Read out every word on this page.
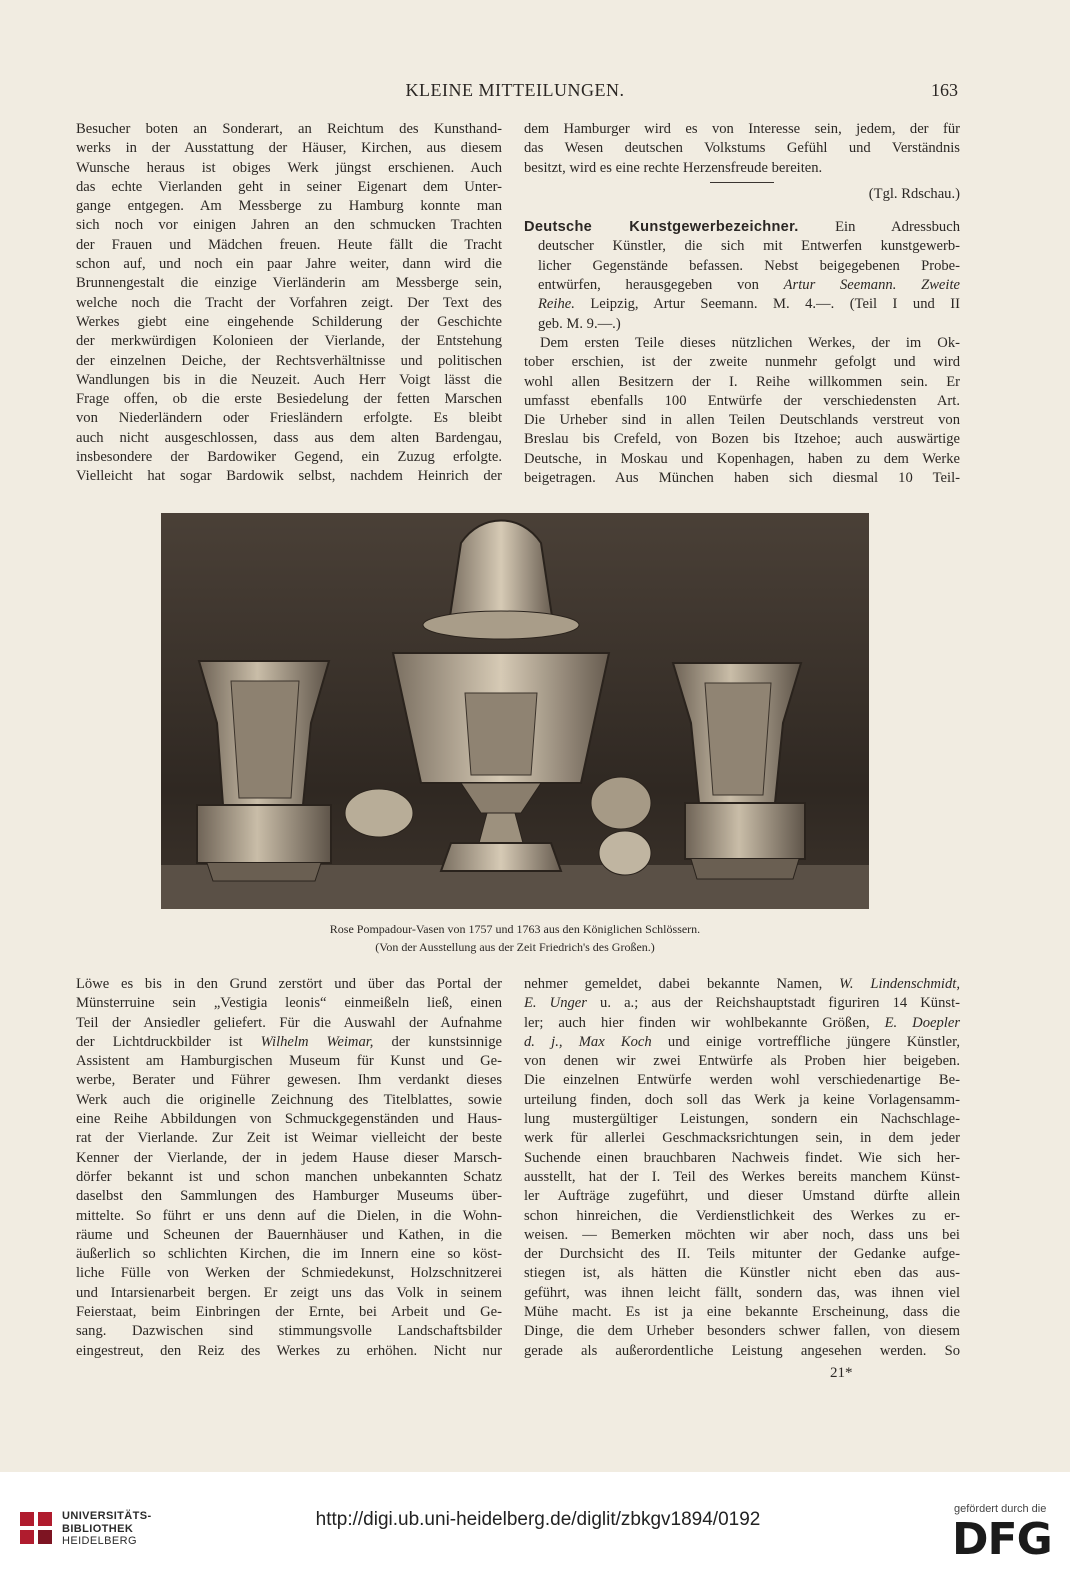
KLEINE MITTEILUNGEN.	163
Besucher boten an Sonderart, an Reichtum des Kunsthand-
werks in der Ausstattung der Häuser, Kirchen, aus diesem
Wunsche heraus ist obiges Werk jüngst erschienen. Auch
das echte Vierlanden geht in seiner Eigenart dem Unter-
gange entgegen. Am Messberge zu Hamburg konnte man
sich noch vor einigen Jahren an den schmucken Trachten
der Frauen und Mädchen freuen. Heute fällt die Tracht
schon auf, und noch ein paar Jahre weiter, dann wird die
Brunnengestalt die einzige Vierländerin am Messberge sein,
welche noch die Tracht der Vorfahren zeigt. Der Text des
Werkes giebt eine eingehende Schilderung der Geschichte
der merkwürdigen Kolonieen der Vierlande, der Entstehung
der einzelnen Deiche, der Rechtsverhältnisse und politischen
Wandlungen bis in die Neuzeit. Auch Herr Voigt lässt die
Frage offen, ob die erste Besiedelung der fetten Marschen
von Niederländern oder Friesländern erfolgte. Es bleibt
auch nicht ausgeschlossen, dass aus dem alten Bardengau,
insbesondere der Bardowiker Gegend, ein Zuzug erfolgte.
Vielleicht hat sogar Bardowik selbst, nachdem Heinrich der
dem Hamburger wird es von Interesse sein, jedem, der für
das Wesen deutschen Volkstums Gefühl und Verständnis
besitzt, wird es eine rechte Herzensfreude bereiten.
(Tgl. Rdschau.)
Deutsche Kunstgewerbezeichner.	Ein Adressbuch
deutscher Künstler, die sich mit Entwerfen kunstgewerb-
licher Gegenstände befassen. Nebst beigegebenen Probe-
entwürfen, herausgegeben von Artur Seemann. Zweite
Reihe. Leipzig, Artur Seemann. M. 4.—. (Teil I und II
geb. M. 9.—.)
Dem ersten Teile dieses nützlichen Werkes, der im Ok-
tober erschien, ist der zweite nunmehr gefolgt und wird
wohl allen Besitzern der I. Reihe willkommen sein. Er
umfasst ebenfalls 100 Entwürfe der verschiedensten Art.
Die Urheber sind in allen Teilen Deutschlands verstreut von
Breslau bis Crefeld, von Bozen bis Itzehoe; auch auswärtige
Deutsche, in Moskau und Kopenhagen, haben zu dem Werke
beigetragen. Aus München haben sich diesmal 10 Teil-
Rose Pompadour-Vasen von 1757 und 1763 aus den Königlichen Schlössern.
(Von der Ausstellung aus der Zeit Friedrich's des Großen.)
Löwe es bis in den Grund zerstört und über das Portal der
Münsterruine sein „Vestigia leonis“ einmeißeln ließ, einen
Teil der Ansiedler geliefert. Für die Auswahl der Aufnahme
der Lichtdruckbilder ist Wilhelm Weimar, der kunstsinnige
Assistent am Hamburgischen Museum für Kunst und Ge-
werbe, Berater und Führer gewesen. Ihm verdankt dieses
Werk auch die originelle Zeichnung des Titelblattes, sowie
eine Reihe Abbildungen von Schmuckgegenständen und Haus-
rat der Vierlande. Zur Zeit ist Weimar vielleicht der beste
Kenner der Vierlande, der in jedem Hause dieser Marsch-
dörfer bekannt ist und schon manchen unbekannten Schatz
daselbst den Sammlungen des Hamburger Museums über-
mittelte. So führt er uns denn auf die Dielen, in die Wohn-
räume und Scheunen der Bauernhäuser und Kathen, in die
äußerlich so schlichten Kirchen, die im Innern eine so köst-
liche Fülle von Werken der Schmiedekunst, Holzschnitzerei
und Intarsienarbeit bergen. Er zeigt uns das Volk in seinem
Feierstaat, beim Einbringen der Ernte, bei Arbeit und Ge-
sang. Dazwischen sind stimmungsvolle Landschaftsbilder
eingestreut, den Reiz des Werkes zu erhöhen. Nicht nur
nehmer gemeldet, dabei bekannte Namen, W. Lindenschmidt,
E. Unger u. a.; aus der Reichshauptstadt figuriren 14 Künst-
ler; auch hier finden wir wohlbekannte Größen, E. Doepler
d. j., Max Koch und einige vortreffliche jüngere Künstler,
von denen wir zwei Entwürfe als Proben hier beigeben.
Die einzelnen Entwürfe werden wohl verschiedenartige Be-
urteilung finden, doch soll das Werk ja keine Vorlagensamm-
lung mustergültiger Leistungen, sondern ein Nachschlage-
werk für allerlei Geschmacksrichtungen sein, in dem jeder
Suchende einen brauchbaren Nachweis findet. Wie sich her-
ausstellt, hat der I. Teil des Werkes bereits manchem Künst-
ler Aufträge zugeführt, und dieser Umstand dürfte allein
schon hinreichen, die Verdienstlichkeit des Werkes zu er-
weisen. — Bemerken möchten wir aber noch, dass uns bei
der Durchsicht des II. Teils mitunter der Gedanke aufge-
stiegen ist, als hätten die Künstler nicht eben das aus-
geführt, was ihnen leicht fällt, sondern das, was ihnen viel
Mühe macht. Es ist ja eine bekannte Erscheinung, dass die
Dinge, die dem Urheber besonders schwer fallen, von diesem
gerade als außerordentliche Leistung angesehen werden. So
21*
UNIVERSITÄTS-
BIBLIOTHEK
HEIDELBERG
http://digi.ub.uni-heidelberg.de/diglit/zbkgv1894/0192	gefördert durch die
DFG
